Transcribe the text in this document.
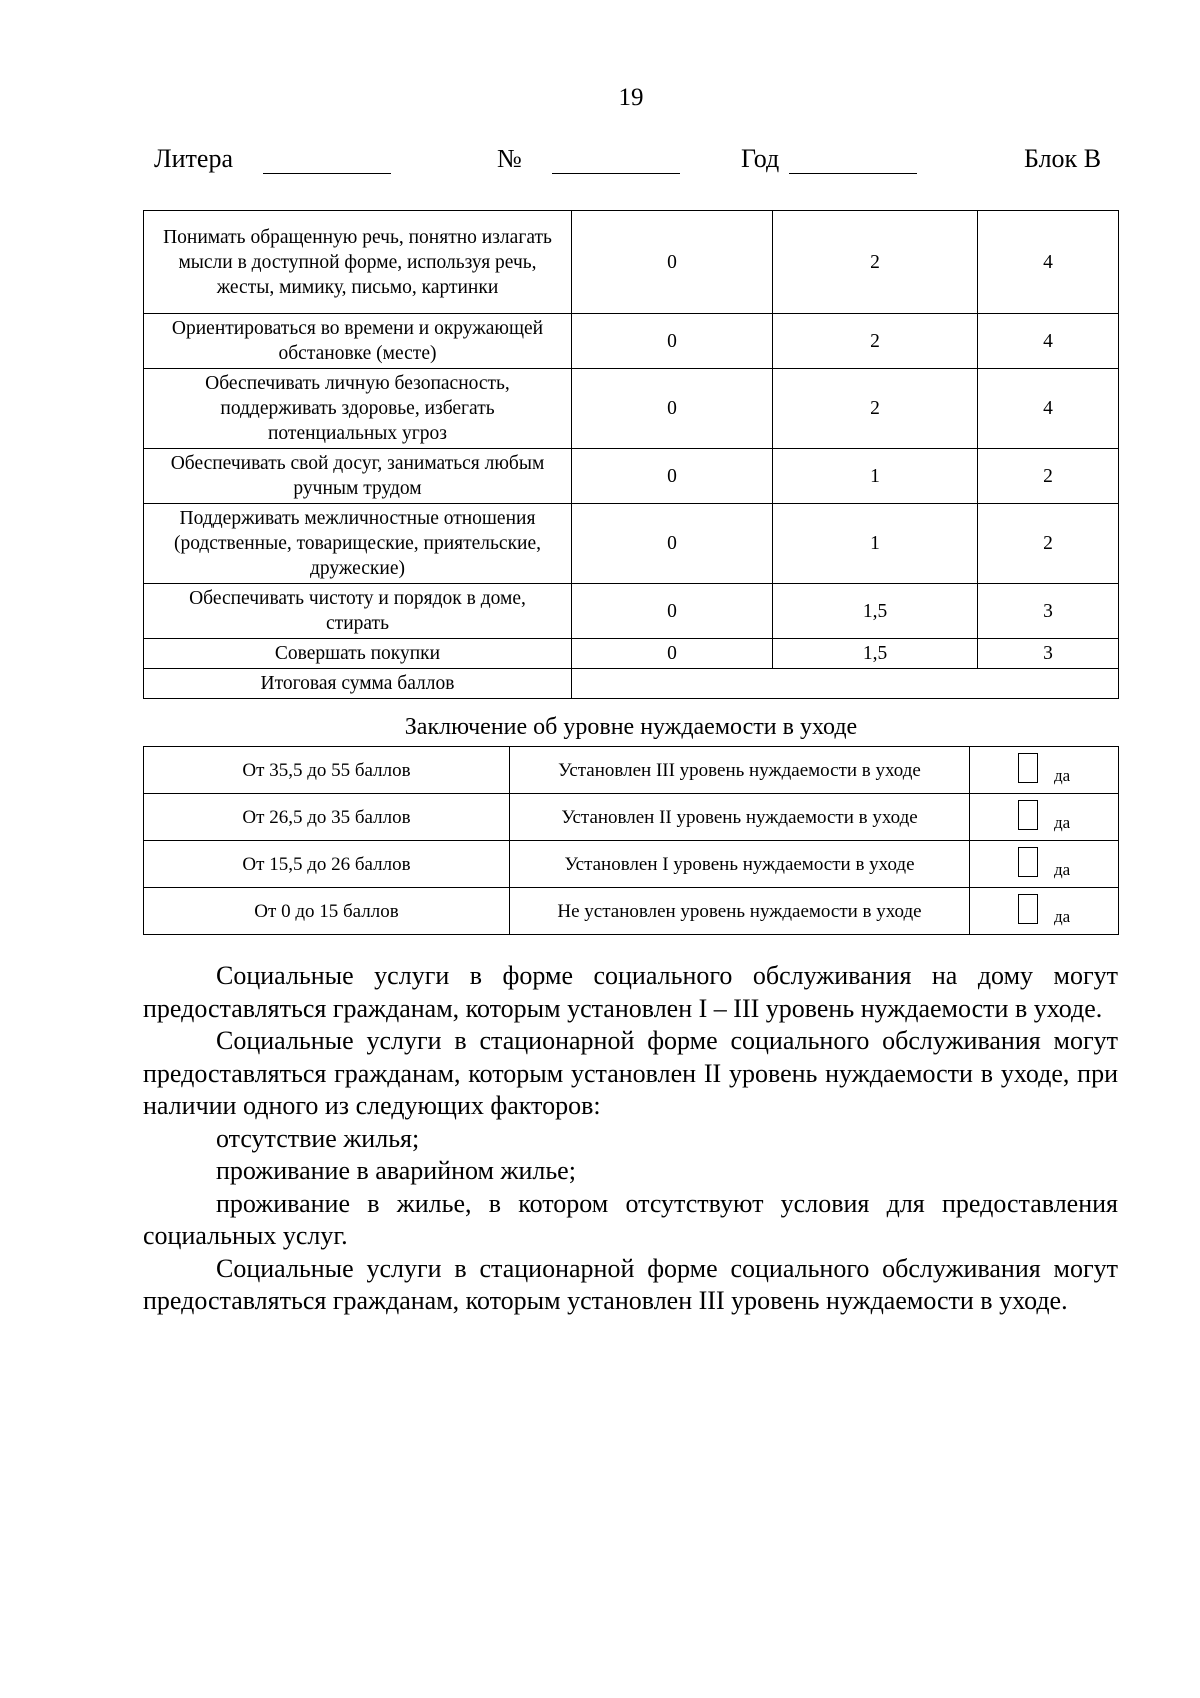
19
Литера	№	Год	Блок В
Понимать обращенную речь, понятно излагать мысли в доступной форме, используя речь, жесты, мимику, письмо, картинки	0	2	4
Ориентироваться во времени и окружающей обстановке (месте)	0	2	4
Обеспечивать личную безопасность, поддерживать здоровье, избегать потенциальных угроз	0	2	4
Обеспечивать свой досуг, заниматься любым ручным трудом	0	1	2
Поддерживать межличностные отношения (родственные, товарищеские, приятельские, дружеские)	0	1	2
Обеспечивать чистоту и порядок в доме, стирать	0	1,5	3
Совершать покупки	0	1,5	3
Итоговая сумма баллов			
Заключение об уровне нуждаемости в уходе
От 35,5 до 55 баллов	Установлен III уровень нуждаемости в уходе	да

От 26,5 до 35 баллов	Установлен II уровень нуждаемости в уходе	да

От 15,5 до 26 баллов	Установлен I уровень нуждаемости в уходе	да

От 0 до 15 баллов	Не установлен уровень нуждаемости в уходе	да

Социальные услуги в форме социального обслуживания на дому могут предоставляться гражданам, которым установлен I – III уровень нуждаемости в уходе.

Социальные услуги в стационарной форме социального обслуживания могут предоставляться гражданам, которым установлен II уровень нуждаемости в уходе, при наличии одного из следующих факторов:

отсутствие жилья;

проживание в аварийном жилье;

проживание в жилье, в котором отсутствуют условия для предоставления социальных услуг.

Социальные услуги в стационарной форме социального обслуживания могут предоставляться гражданам, которым установлен III уровень нуждаемости в уходе.
